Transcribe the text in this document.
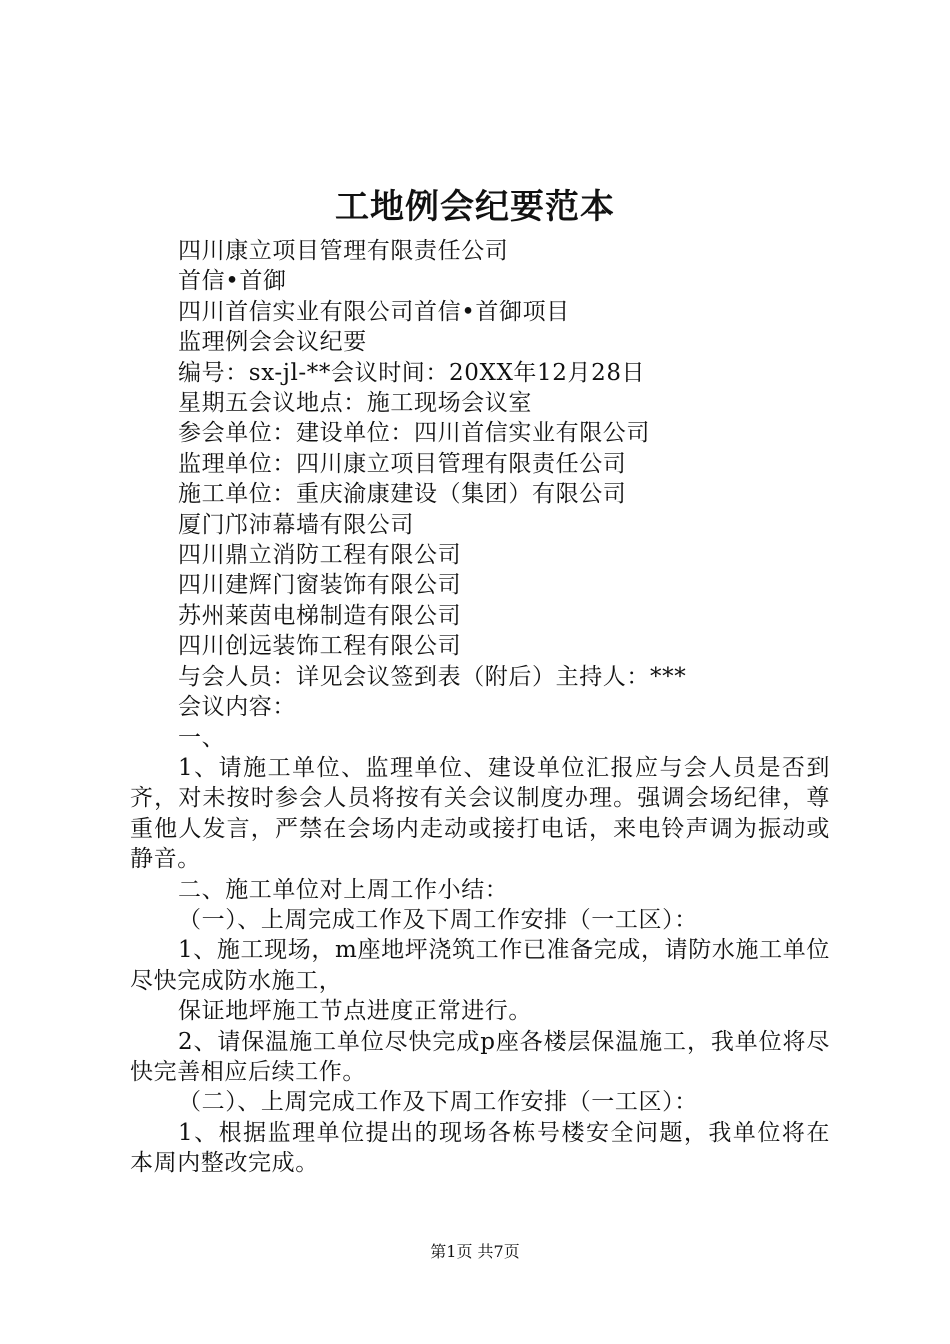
工地例会纪要范本

四川康立项目管理有限责任公司

首信•首御

四川首信实业有限公司首信•首御项目

监理例会会议纪要

编号：sx-jl-**会议时间：20XX年12月28日

星期五会议地点：施工现场会议室

参会单位：建设单位：四川首信实业有限公司

监理单位：四川康立项目管理有限责任公司

施工单位：重庆渝康建设（集团）有限公司

厦门邝沛幕墙有限公司

四川鼎立消防工程有限公司

四川建辉门窗装饰有限公司

苏州莱茵电梯制造有限公司

四川创远装饰工程有限公司

与会人员：详见会议签到表（附后）主持人：***

会议内容：

一、

1、请施工单位、监理单位、建设单位汇报应与会人员是否到齐，对未按时参会人员将按有关会议制度办理。强调会场纪律，尊重他人发言，严禁在会场内走动或接打电话，来电铃声调为振动或静音。

二、施工单位对上周工作小结：

（一）、上周完成工作及下周工作安排（一工区）：

1、施工现场，m座地坪浇筑工作已准备完成，请防水施工单位尽快完成防水施工，

保证地坪施工节点进度正常进行。

2、请保温施工单位尽快完成p座各楼层保温施工，我单位将尽快完善相应后续工作。

（二）、上周完成工作及下周工作安排（一工区）：

1、根据监理单位提出的现场各栋号楼安全问题，我单位将在本周内整改完成。

第1页 共7页
